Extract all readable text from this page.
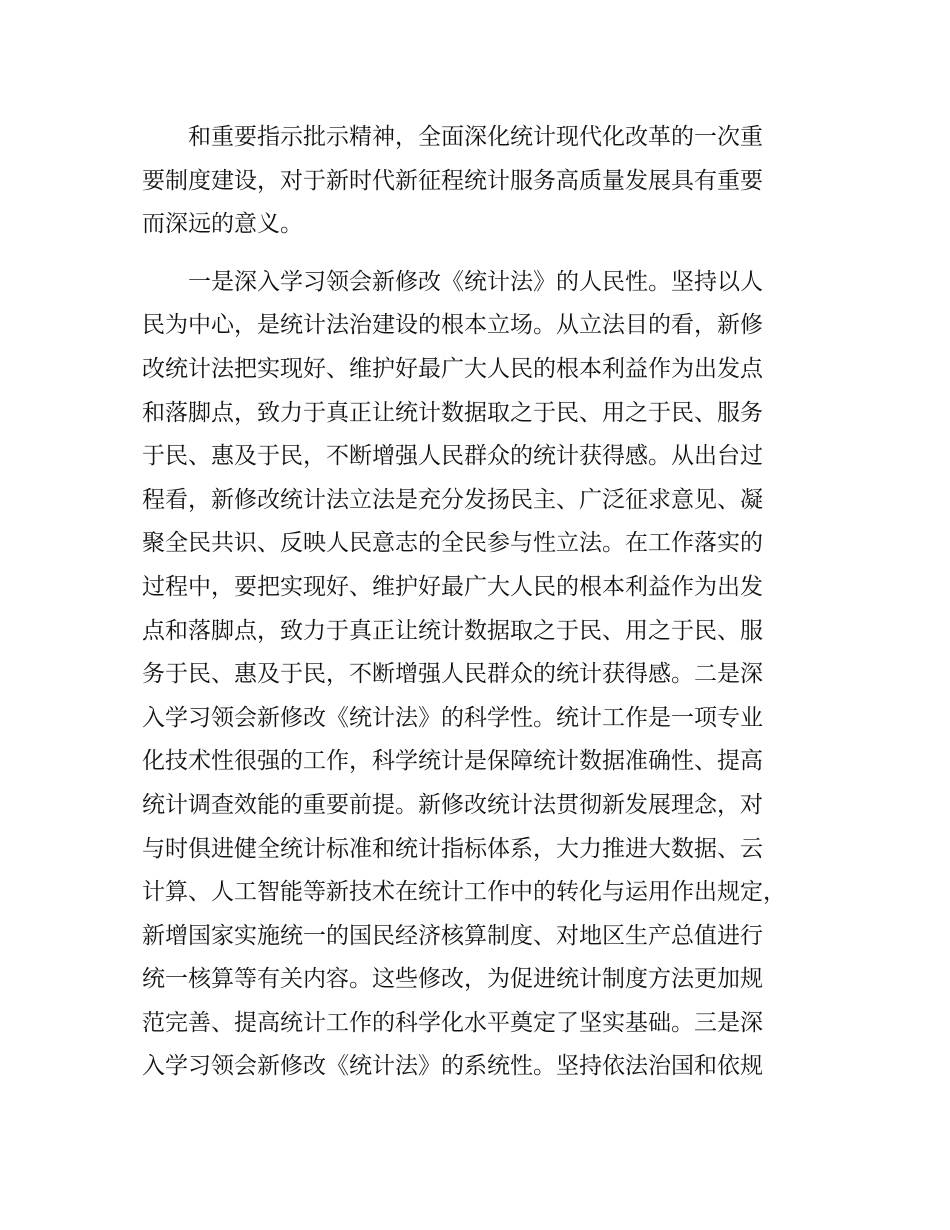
和重要指示批示精神，全面深化统计现代化改革的一次重
要制度建设，对于新时代新征程统计服务高质量发展具有重要
而深远的意义。
一是深入学习领会新修改《统计法》的人民性。坚持以人
民为中心，是统计法治建设的根本立场。从立法目的看，新修
改统计法把实现好、维护好最广大人民的根本利益作为出发点
和落脚点，致力于真正让统计数据取之于民、用之于民、服务
于民、惠及于民，不断增强人民群众的统计获得感。从出台过
程看，新修改统计法立法是充分发扬民主、广泛征求意见、凝
聚全民共识、反映人民意志的全民参与性立法。在工作落实的
过程中，要把实现好、维护好最广大人民的根本利益作为出发
点和落脚点，致力于真正让统计数据取之于民、用之于民、服
务于民、惠及于民，不断增强人民群众的统计获得感。二是深
入学习领会新修改《统计法》的科学性。统计工作是一项专业
化技术性很强的工作，科学统计是保障统计数据准确性、提高
统计调查效能的重要前提。新修改统计法贯彻新发展理念，对
与时俱进健全统计标准和统计指标体系，大力推进大数据、云
计算、人工智能等新技术在统计工作中的转化与运用作出规定，
新增国家实施统一的国民经济核算制度、对地区生产总值进行
统一核算等有关内容。这些修改，为促进统计制度方法更加规
范完善、提高统计工作的科学化水平奠定了坚实基础。三是深
入学习领会新修改《统计法》的系统性。坚持依法治国和依规
